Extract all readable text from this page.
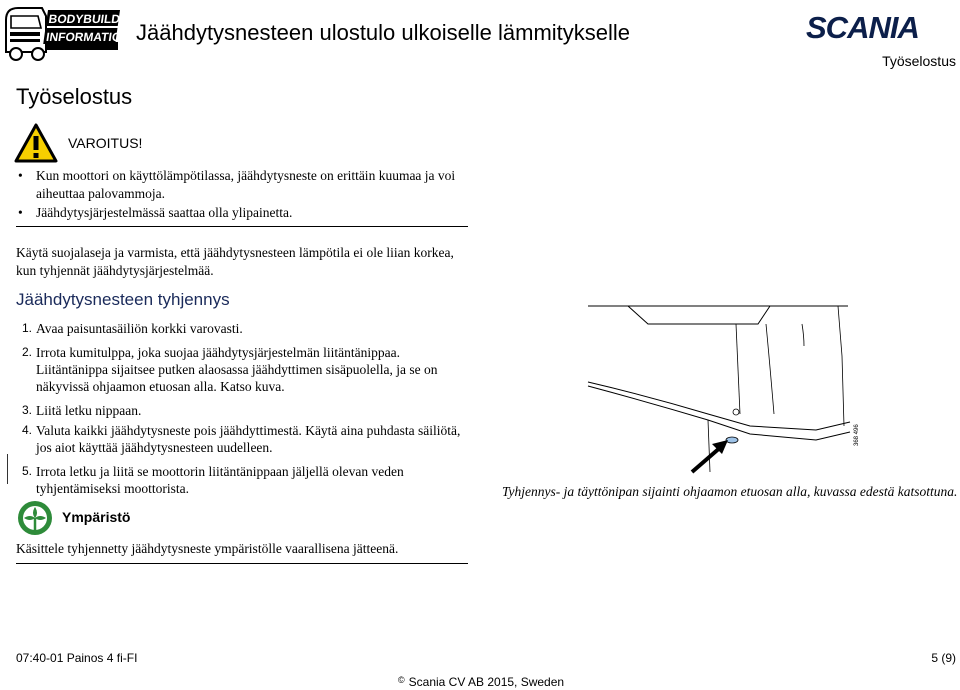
BODYBUILDING
INFORMATION Jäähdytysnesteen ulostulo ulkoiselle lämmitykselle	SCANIA
Työselostus
Työselostus
VAROITUS!
• Kun moottori on käyttölämpötilassa, jäähdytysneste on erittäin kuumaa ja voi aiheuttaa palovammoja.
• Jäähdytysjärjestelmässä saattaa olla ylipainetta.
Käytä suojalaseja ja varmista, että jäähdytysnesteen lämpötila ei ole liian korkea, kun tyhjennät jäähdytysjärjestelmää.
Jäähdytysnesteen tyhjennys
1. Avaa paisuntasäiliön korkki varovasti.
2. Irrota kumitulppa, joka suojaa jäähdytysjärjestelmän liitäntänippaa. Liitäntänippa sijaitsee putken alaosassa jäähdyttimen sisäpuolella, ja se on näkyvissä ohjaamon etuosan alla. Katso kuva.
3. Liitä letku nippaan.
4. Valuta kaikki jäähdytysneste pois jäähdyttimestä. Käytä aina puhdasta säiliötä, jos aiot käyttää jäähdytysnesteen uudelleen.
5. Irrota letku ja liitä se moottorin liitäntänippaan jäljellä olevan veden tyhjentämiseksi moottorista.
Ympäristö
Käsittele tyhjennetty jäähdytysneste ympäristölle vaarallisena jätteenä.
368 496
Tyhjennys- ja täyttönipan sijainti ohjaamon etuosan alla, kuvassa edestä katsottuna.
07:40-01 Painos 4 fi-FI	5 (9)
© Scania CV AB 2015, Sweden
